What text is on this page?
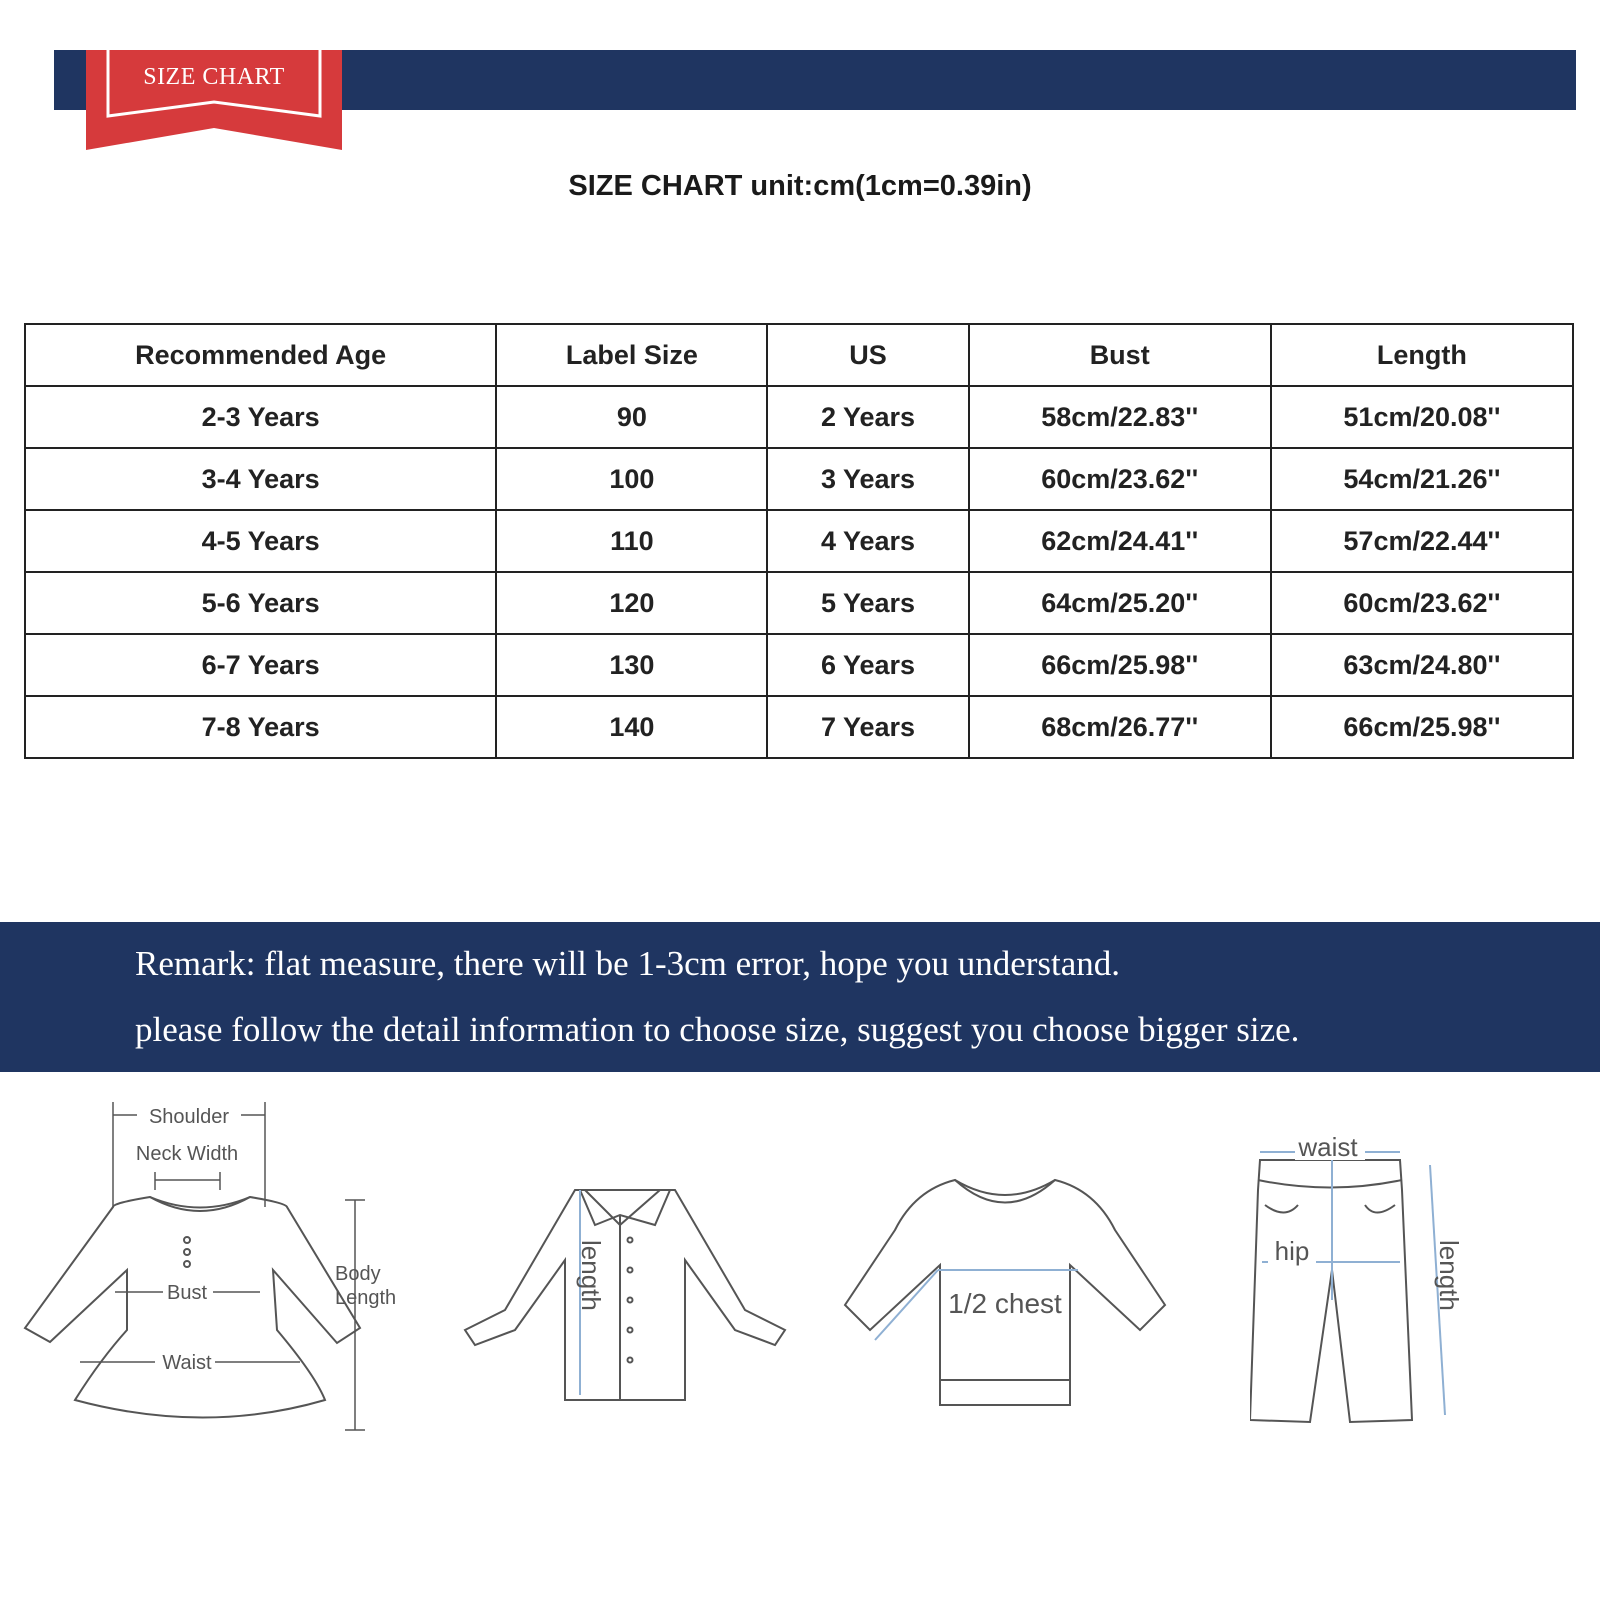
SIZE CHART
SIZE CHART unit:cm(1cm=0.39in)
Recommended Age	Label Size	US	Bust	Length
2-3 Years	90	2 Years	58cm/22.83''	51cm/20.08''
3-4 Years	100	3 Years	60cm/23.62''	54cm/21.26''
4-5 Years	110	4 Years	62cm/24.41''	57cm/22.44''
5-6 Years	120	5 Years	64cm/25.20''	60cm/23.62''
6-7 Years	130	6 Years	66cm/25.98''	63cm/24.80''
7-8 Years	140	7 Years	68cm/26.77''	66cm/25.98''
Remark: flat measure, there will be 1-3cm error, hope you understand.
please follow the detail information to choose size, suggest you choose bigger size.
Shoulder
Neck Width
Bust
Waist
Body
Length	length	1/2 chest
waist
hip	length
